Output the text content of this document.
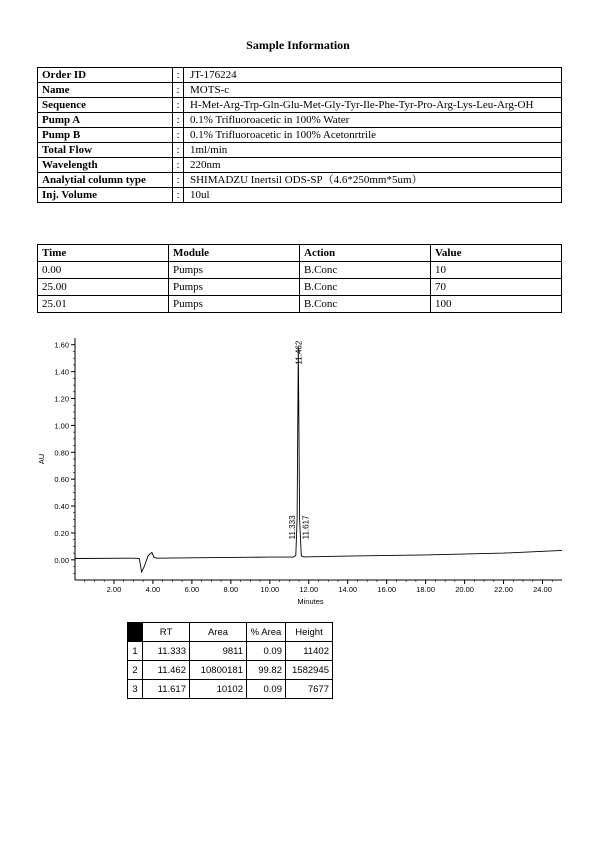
Sample Information
Order ID	:	JT-176224
Name	:	MOTS-c
Sequence	:	H-Met-Arg-Trp-Gln-Glu-Met-Gly-Tyr-Ile-Phe-Tyr-Pro-Arg-Lys-Leu-Arg-OH
Pump A	:	0.1% Trifluoroacetic in 100% Water
Pump B	:	0.1% Trifluoroacetic in 100% Acetonrtrile
Total Flow	:	1ml/min
Wavelength	:	220nm
Analytial column type	:	SHIMADZU Inertsil ODS-SP（4.6*250mm*5um）
Inj. Volume	:	10ul
Time	Module	Action	Value
0.00	Pumps	B.Conc	10
25.00	Pumps	B.Conc	70
25.01	Pumps	B.Conc	100
0.00
0.20
0.40
0.60
0.80
1.00
1.20
1.40
1.60
2.00	4.00	6.00	8.00	10.00	12.00	14.00	16.00	18.00	20.00	22.00	24.00
Minutes
AU
11.333
11.462
11.617
	RT	Area	% Area	Height
1	11.333	9811	0.09	11402
2	11.462	10800181	99.82	1582945
3	11.617	10102	0.09	7677
